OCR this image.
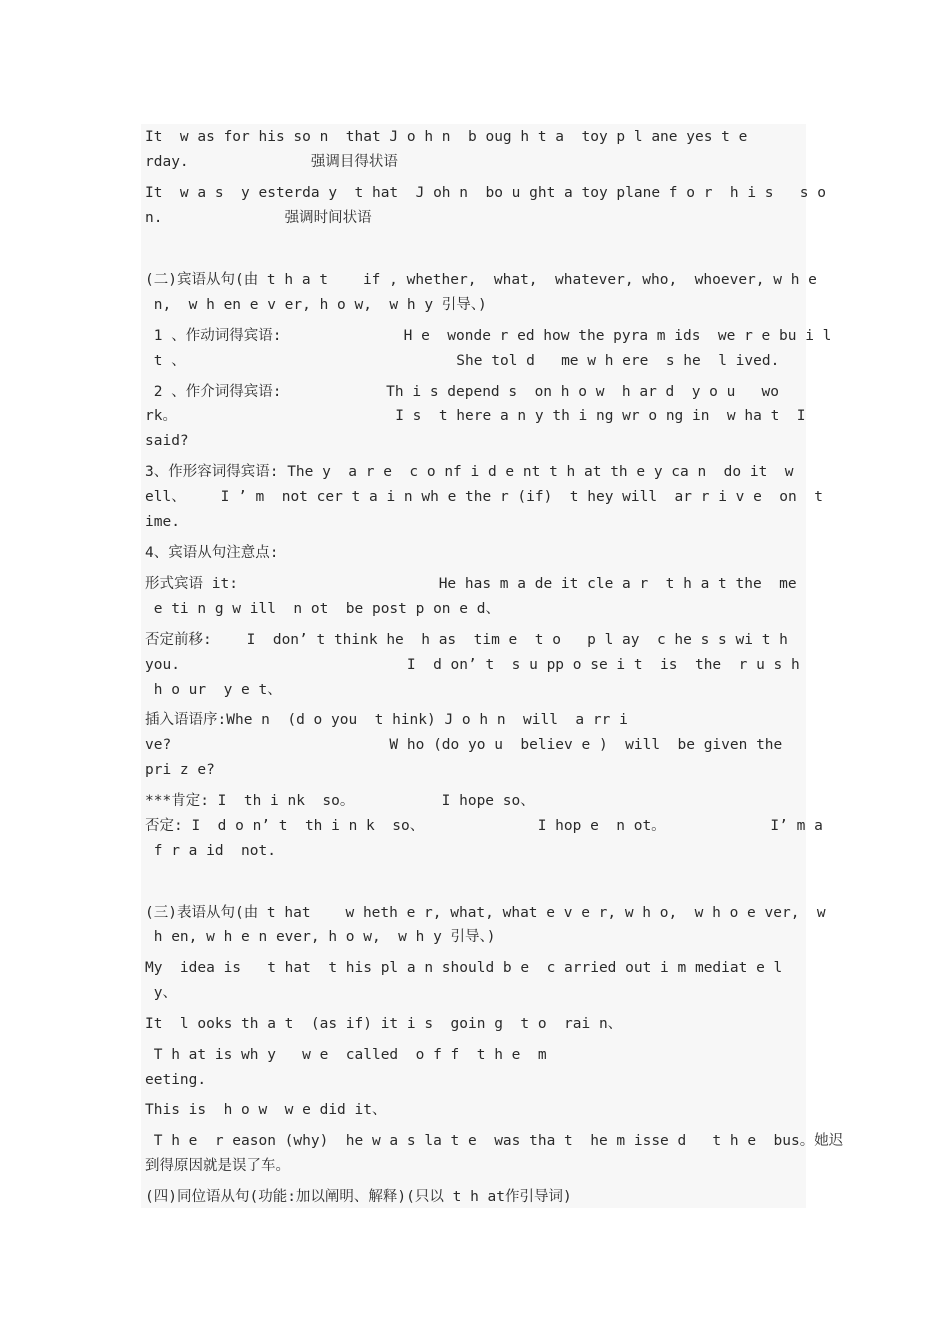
It  w as for his so n  that J o h n  b oug h t a  toy p l ane yes t e
rday.              强调目得状语
It  w a s  y esterda y  t hat  J oh n  bo u ght a toy plane f o r  h i s   s o
n.              强调时间状语
(二)宾语从句(由 t h a t    if , whether,  what,  whatever, who,  whoever, w h e
n,  w h en e v er, h o w,  w h y 引导、)
1 、作动词得宾语:              H e  wonde r ed how the pyra m ids  we r e bu i l
t 、                               She tol d   me w h ere  s he  l ived.
2 、作介词得宾语:            Th i s depend s  on h o w  h ar d  y o u   wo
rk。                         I s  t here a n y th i ng wr o ng in  w ha t  I
said?
3、作形容词得宾语: The y  a r e  c o nf i d e nt t h at th e y ca n  do it  w
ell、    I ’ m  not cer t a i n wh e the r (if)  t hey will  ar r i v e  on  t
ime.
4、宾语从句注意点:
形式宾语 it:                       He has m a de it cle a r  t h a t the  me
e ti n g w ill  n ot  be post p on e d、
否定前移:    I  don’ t think he  h as  tim e  t o   p l ay  c he s s wi t h
you.                          I  d on’ t  s u pp o se i t  is  the  r u s h
h o ur  y e t、
插入语语序:Whe n  (d o you  t hink) J o h n  will  a rr i
ve?                         W ho (do yo u  believ e )  will  be given the
pri z e?
***肯定: I  th i nk  so。          I hope so、
否定: I  d o n’ t  th i n k  so、             I hop e  n ot。            I’ m a
f r a id  not.
(三)表语从句(由 t hat    w heth e r, what, what e v e r, w h o,  w h o e ver,  w
h en, w h e n ever, h o w,  w h y 引导、)
My  idea is   t hat  t his pl a n should b e  c arried out i m mediat e l
y、
It  l ooks th a t  (as if) it i s  goin g  t o  rai n、
T h at is wh y   w e  called  o f f  t h e  m
eeting.
This is  h o w  w e did it、
T h e  r eason (why)  he w a s la t e  was tha t  he m isse d   t h e  bus。她迟
到得原因就是误了车。
(四)同位语从句(功能:加以阐明、解释)(只以 t h at作引导词)
